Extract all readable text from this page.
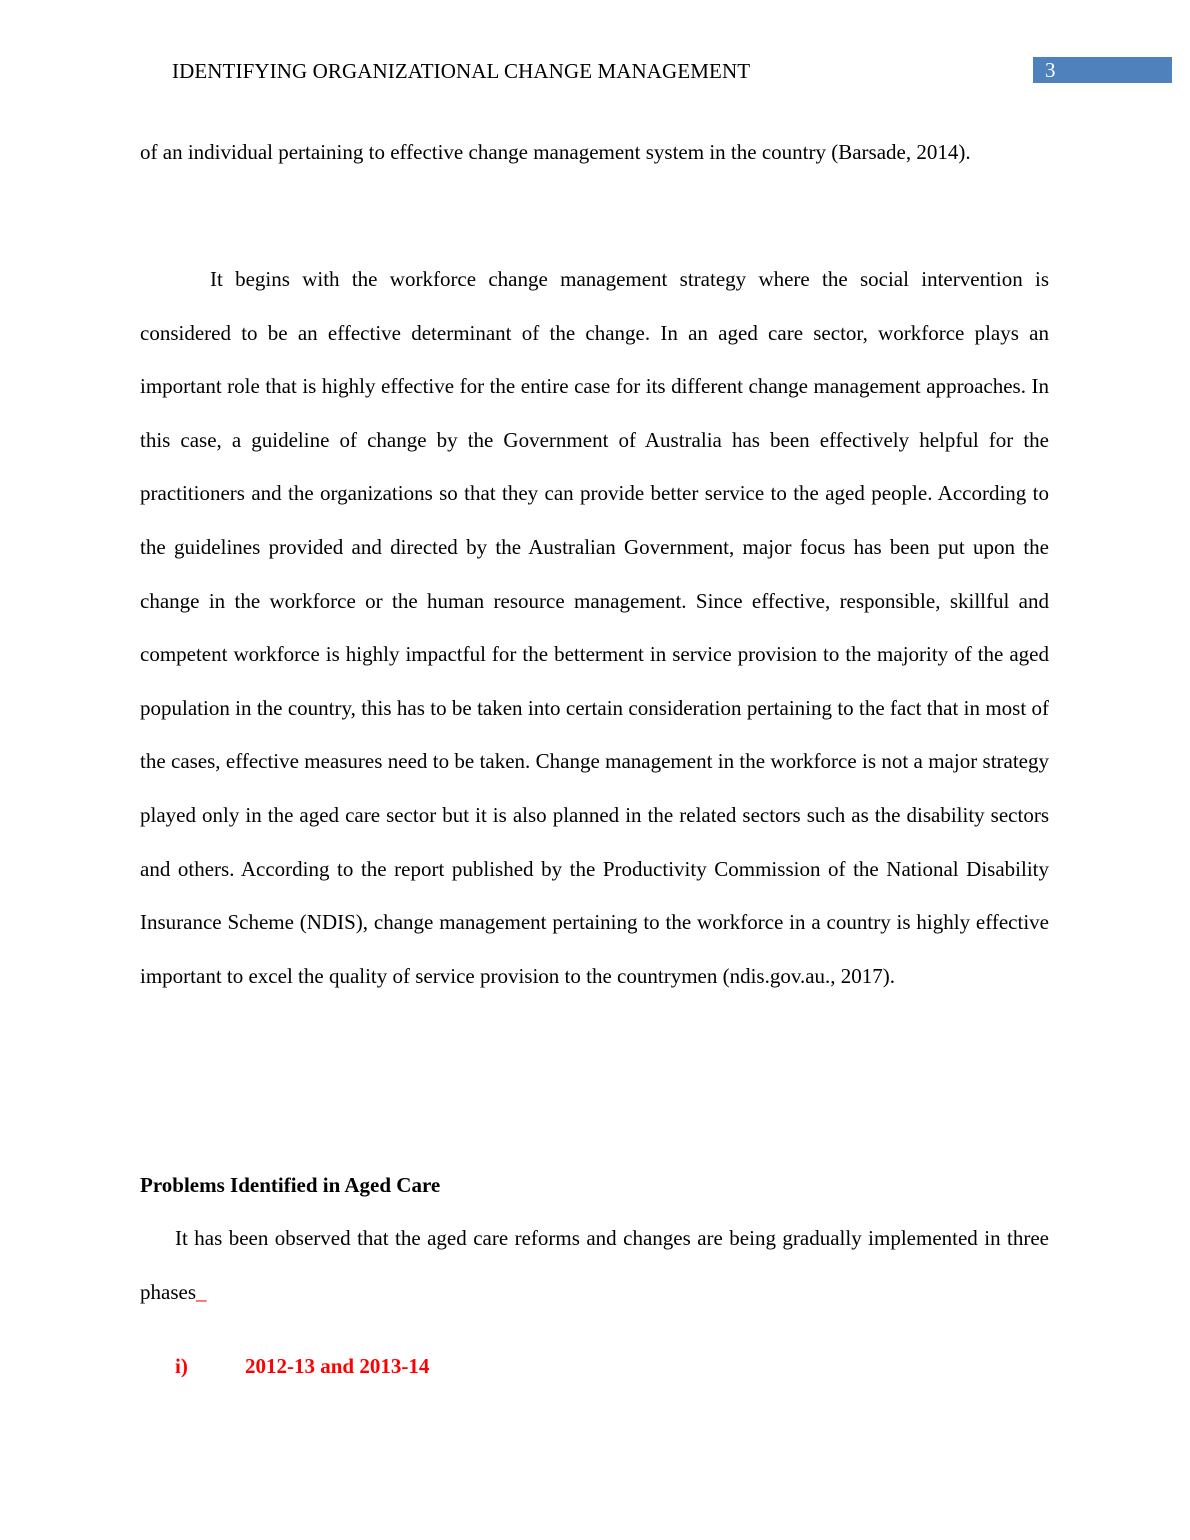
IDENTIFYING ORGANIZATIONAL CHANGE MANAGEMENT	3

of an individual pertaining to effective change management system in the country (Barsade, 2014).

It begins with the workforce change management strategy where the social intervention is considered to be an effective determinant of the change. In an aged care sector, workforce plays an important role that is highly effective for the entire case for its different change management approaches. In this case, a guideline of change by the Government of Australia has been effectively helpful for the practitioners and the organizations so that they can provide better service to the aged people. According to the guidelines provided and directed by the Australian Government, major focus has been put upon the change in the workforce or the human resource management. Since effective, responsible, skillful and competent workforce is highly impactful for the betterment in service provision to the majority of the aged population in the country, this has to be taken into certain consideration pertaining to the fact that in most of the cases, effective measures need to be taken. Change management in the workforce is not a major strategy played only in the aged care sector but it is also planned in the related sectors such as the disability sectors and others. According to the report published by the Productivity Commission of the National Disability Insurance Scheme (NDIS), change management pertaining to the workforce in a country is highly effective important to excel the quality of service provision to the countrymen (ndis.gov.au., 2017).

Problems Identified in Aged Care

It has been observed that the aged care reforms and changes are being gradually implemented in three phases_

i)	2012-13 and 2013-14
